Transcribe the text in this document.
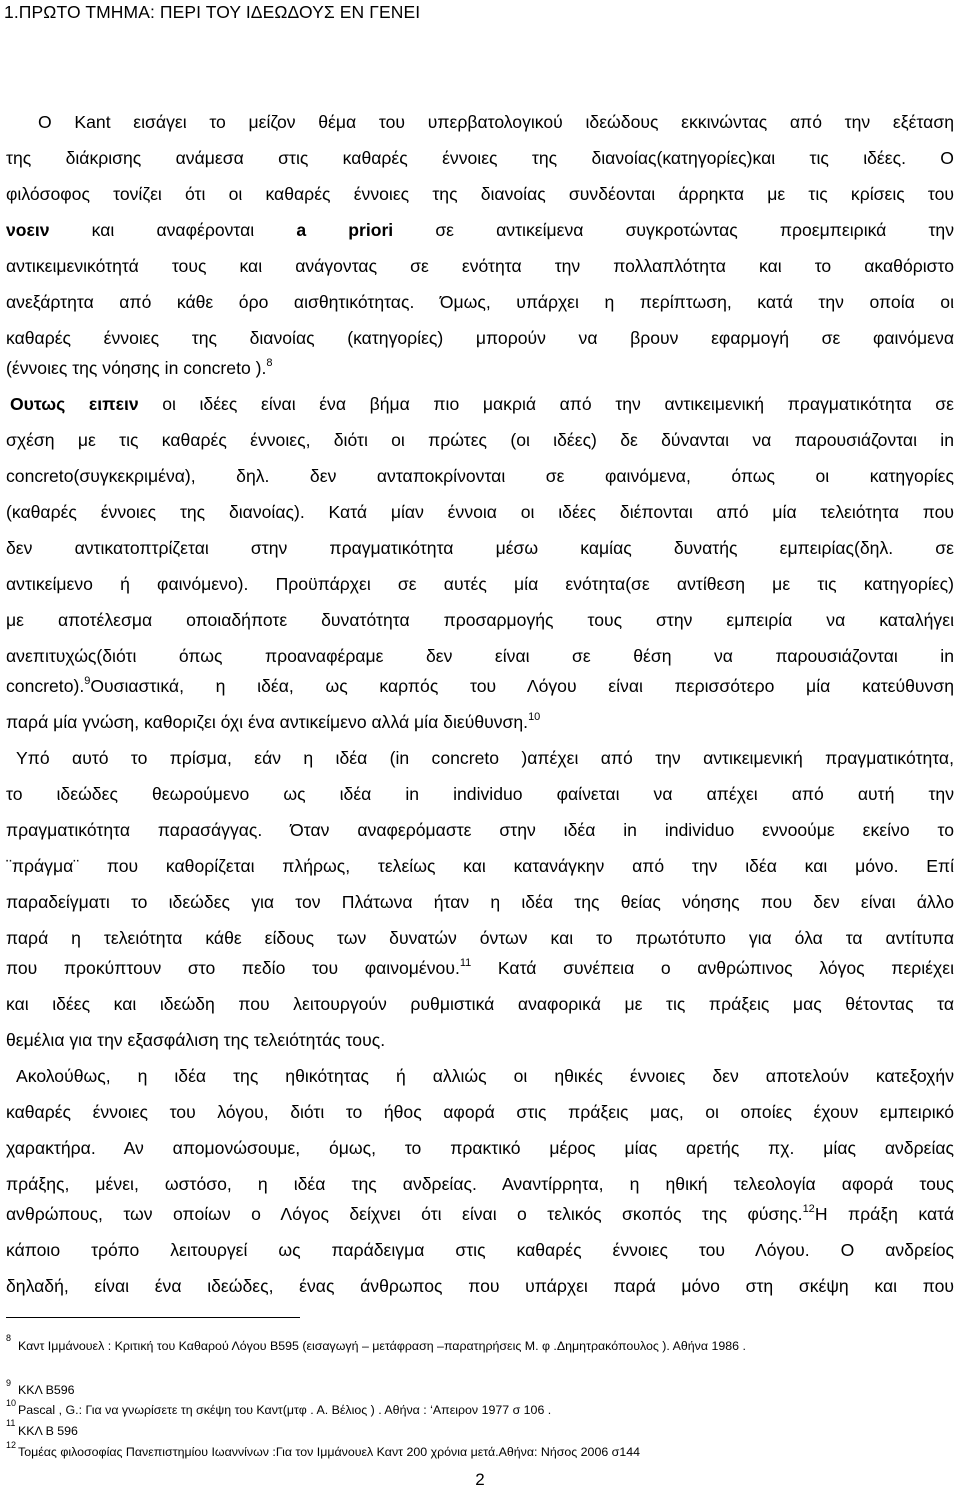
1.ΠΡΩΤΟ ΤΜΗΜΑ: ΠΕΡΙ ΤΟΥ ΙΔΕΩΔΟΥΣ ΕΝ ΓΕΝΕΙ
Ο Kant εισάγει το μείζον θέμα του υπερβατολογικού ιδεώδους εκκινώντας από την εξέταση
της διάκρισης ανάμεσα στις καθαρές έννοιες της διανοίας(κατηγορίες)και τις ιδέες. Ο
φιλόσοφος τονίζει ότι οι καθαρές έννοιες της διανοίας συνδέονται άρρηκτα με τις κρίσεις του
νοειν και αναφέρονται a priori σε αντικείμενα συγκροτώντας προεμπειρικά την
αντικειμενικότητά τους και ανάγοντας σε ενότητα την πολλαπλότητα και το ακαθόριστο
ανεξάρτητα από κάθε όρο αισθητικότητας. Όμως, υπάρχει η περίπτωση, κατά την οποία οι
καθαρές έννοιες της διανοίας (κατηγορίες) μπορούν να βρουν εφαρμογή σε φαινόμενα
(έννοιες της νόησης in concreto ).$^8$
Ουτως ειπειν οι ιδέες είναι ένα βήμα πιο μακριά από την αντικειμενική πραγματικότητα σε
σχέση με τις καθαρές έννοιες, διότι οι πρώτες (οι ιδέες) δε δύνανται να παρουσιάζονται in
concreto(συγκεκριμένα), δηλ. δεν ανταποκρίνονται σε φαινόμενα, όπως οι κατηγορίες
(καθαρές έννοιες της διανοίας). Κατά μίαν έννοια οι ιδέες διέπονται από μία τελειότητα που
δεν αντικατοπτρίζεται στην πραγματικότητα μέσω καμίας δυνατής εμπειρίας(δηλ. σε
αντικείμενο ή φαινόμενο). Προϋπάρχει σε αυτές μία ενότητα(σε αντίθεση με τις κατηγορίες)
με αποτέλεσμα οποιαδήποτε δυνατότητα προσαρμογής τους στην εμπειρία να καταλήγει
ανεπιτυχώς(διότι όπως προαναφέραμε δεν είναι σε θέση να παρουσιάζονται in
concreto).$^9$Ουσιαστικά, η ιδέα, ως καρπός του Λόγου είναι περισσότερο μία κατεύθυνση
παρά μία γνώση, καθοριζει όχι ένα αντικείμενο αλλά μία διεύθυνση.$^{10}$
Υπό αυτό το πρίσμα, εάν η ιδέα (in concreto )απέχει από την αντικειμενική πραγματικότητα,
το ιδεώδες θεωρούμενο ως ιδέα in individuo φαίνεται να απέχει από αυτή την
πραγματικότητα παρασάγγας. Όταν αναφερόμαστε στην ιδέα in individuo εννοούμε εκείνο το
¨πράγμα¨ που καθορίζεται πλήρως, τελείως και κατανάγκην από την ιδέα και μόνο. Επί
παραδείγματι το ιδεώδες για τον Πλάτωνα ήταν η ιδέα της θείας νόησης που δεν είναι άλλο
παρά η τελειότητα κάθε είδους των δυνατών όντων και το πρωτότυπο για όλα τα αντίτυπα
που προκύπτουν στο πεδίο του φαινομένου.$^{11}$ Κατά συνέπεια ο ανθρώπινος λόγος περιέχει
και ιδέες και ιδεώδη που λειτουργούν ρυθμιστικά αναφορικά με τις πράξεις μας θέτοντας τα
θεμέλια για την εξασφάλιση της τελειότητάς τους.
Ακολούθως, η ιδέα της ηθικότητας ή αλλιώς οι ηθικές έννοιες δεν αποτελούν κατεξοχήν
καθαρές έννοιες του λόγου, διότι το ήθος αφορά στις πράξεις μας, οι οποίες έχουν εμπειρικό
χαρακτήρα. Αν απομονώσουμε, όμως, το πρακτικό μέρος μίας αρετής πχ. μίας ανδρείας
πράξης, μένει, ωστόσο, η ιδέα της ανδρείας. Αναντίρρητα, η ηθική τελεολογία αφορά τους
ανθρώπους, των οποίων ο Λόγος δείχνει ότι είναι ο τελικός σκοπός της φύσης.$^{12}$Η πράξη κατά
κάποιο τρόπο λειτουργεί ως παράδειγμα στις καθαρές έννοιες του Λόγου. Ο ανδρείος
δηλαδή, είναι ένα ιδεώδες, ένας άνθρωπος που υπάρχει παρά μόνο στη σκέψη και που
8
Καντ Ιμμάνουελ : Κριτική του Καθαρού Λόγου Β595 (εισαγωγή – μετάφραση –παρατηρήσεις Μ. φ .Δημητρακόπουλος ). Αθήνα 1986 .
9 ΚΚΛ Β596
10 Pascal , G.: Για να γνωρίσετε τη σκέψη του Καντ(μτφ . Α. Βέλιος ) . Αθήνα : ‘Απειρον 1977 σ 106 .
11
ΚΚΛ Β 596
12 Τομέας φιλοσοφίας Πανεπιστημίου Ιωαννίνων :Για τον Ιμμάνουελ Καντ 200 χρόνια μετά.Αθήνα: Νήσος 2006 σ144
2
